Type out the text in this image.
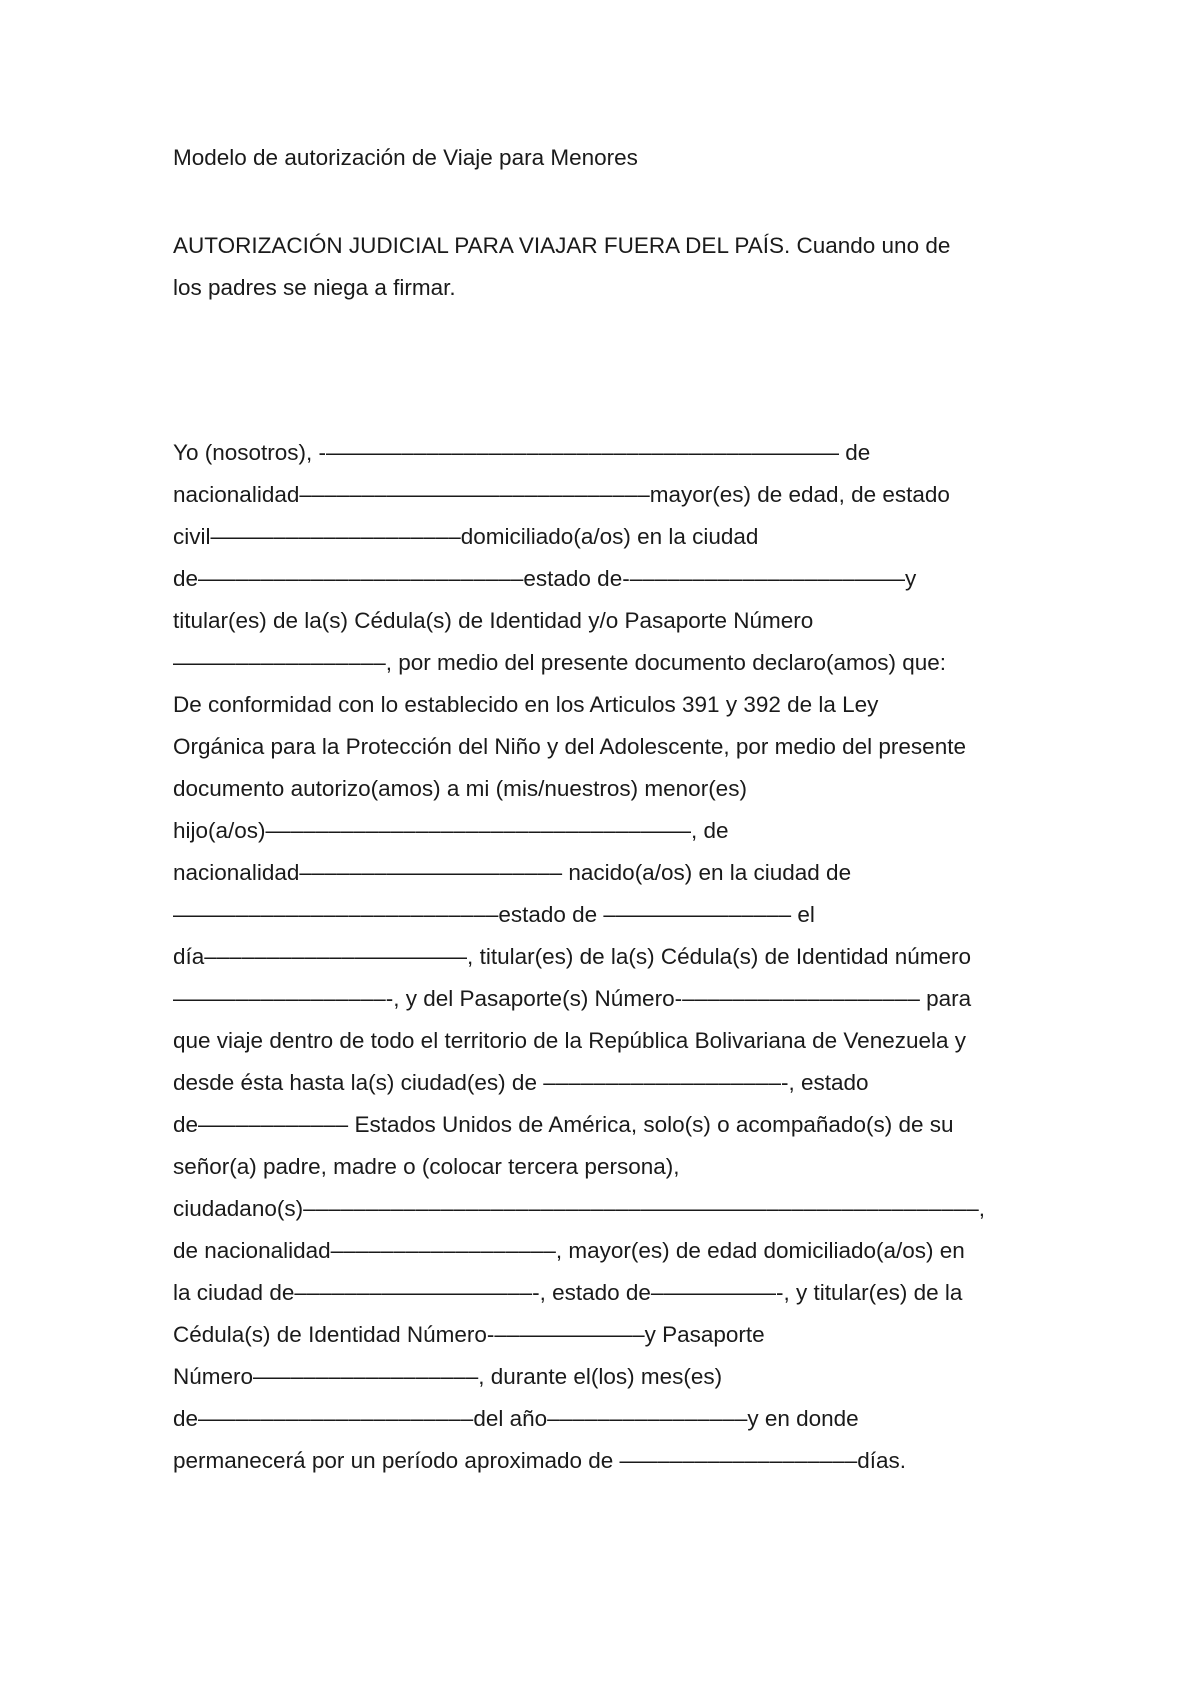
Modelo de autorización de Viaje para Menores
AUTORIZACIÓN JUDICIAL PARA VIAJAR FUERA DEL PAÍS. Cuando uno de
los padres se niega a firmar.
Yo (nosotros), -––––––––––––––––––––––––––––––––––––––––– de
nacionalidad––––––––––––––––––––––––––––mayor(es) de edad, de estado
civil––––––––––––––––––––domiciliado(a/os) en la ciudad
de––––––––––––––––––––––––––estado de-––––––––––––––––––––––y
titular(es) de la(s) Cédula(s) de Identidad y/o Pasaporte Número
–––––––––––––––––, por medio del presente documento declaro(amos) que:
De conformidad con lo establecido en los Articulos 391 y 392 de la Ley
Orgánica para la Protección del Niño y del Adolescente, por medio del presente
documento autorizo(amos) a mi (mis/nuestros) menor(es)
hijo(a/os)––––––––––––––––––––––––––––––––––, de
nacionalidad––––––––––––––––––––– nacido(a/os) en la ciudad de
––––––––––––––––––––––––––estado de ––––––––––––––– el
día–––––––––––––––––––––, titular(es) de la(s) Cédula(s) de Identidad número
–––––––––––––––––-, y del Pasaporte(s) Número-––––––––––––––––––– para
que viaje dentro de todo el territorio de la República Bolivariana de Venezuela y
desde ésta hasta la(s) ciudad(es) de –––––––––––––––––––-, estado
de–––––––––––– Estados Unidos de América, solo(s) o acompañado(s) de su
señor(a) padre, madre o (colocar tercera persona),
ciudadano(s)––––––––––––––––––––––––––––––––––––––––––––––––––––––,
de nacionalidad––––––––––––––––––, mayor(es) de edad domiciliado(a/os) en
la ciudad de–––––––––––––––––––-, estado de––––––––––-, y titular(es) de la
Cédula(s) de Identidad Número-––––––––––––y Pasaporte
Número––––––––––––––––––, durante el(los) mes(es)
de––––––––––––––––––––––del año––––––––––––––––y en donde
permanecerá por un período aproximado de –––––––––––––––––––días.
